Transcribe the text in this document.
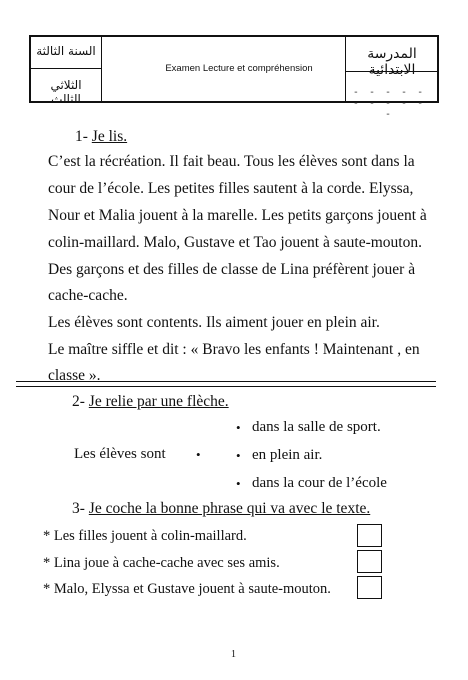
السنة الثالثة
الثلاثي الثالث
Examen Lecture et compréhension
المدرسة الابتدائية
- - - - - - - - - - -
1- Je lis.
C’est la récréation. Il fait beau. Tous les élèves sont dans la
cour de l’école. Les petites filles sautent à la corde. Elyssa,
Nour et Malia jouent à la marelle. Les petits garçons jouent à
colin-maillard. Malo, Gustave et Tao jouent à saute-mouton.
Des garçons et des filles de classe de Lina préfèrent jouer à
cache-cache.
Les élèves sont contents. Ils aiment jouer en plein air.
Le maître siffle et dit : « Bravo les enfants ! Maintenant , en
classe ».
2- Je relie par une flèche.
Les élèves sont •
• dans la salle de sport.
• en plein air.
• dans la cour de l’école
3- Je coche la bonne phrase qui va avec le texte.
* Les filles jouent à colin-maillard.
* Lina joue à cache-cache avec ses amis.
* Malo, Elyssa et Gustave jouent à saute-mouton.
1
